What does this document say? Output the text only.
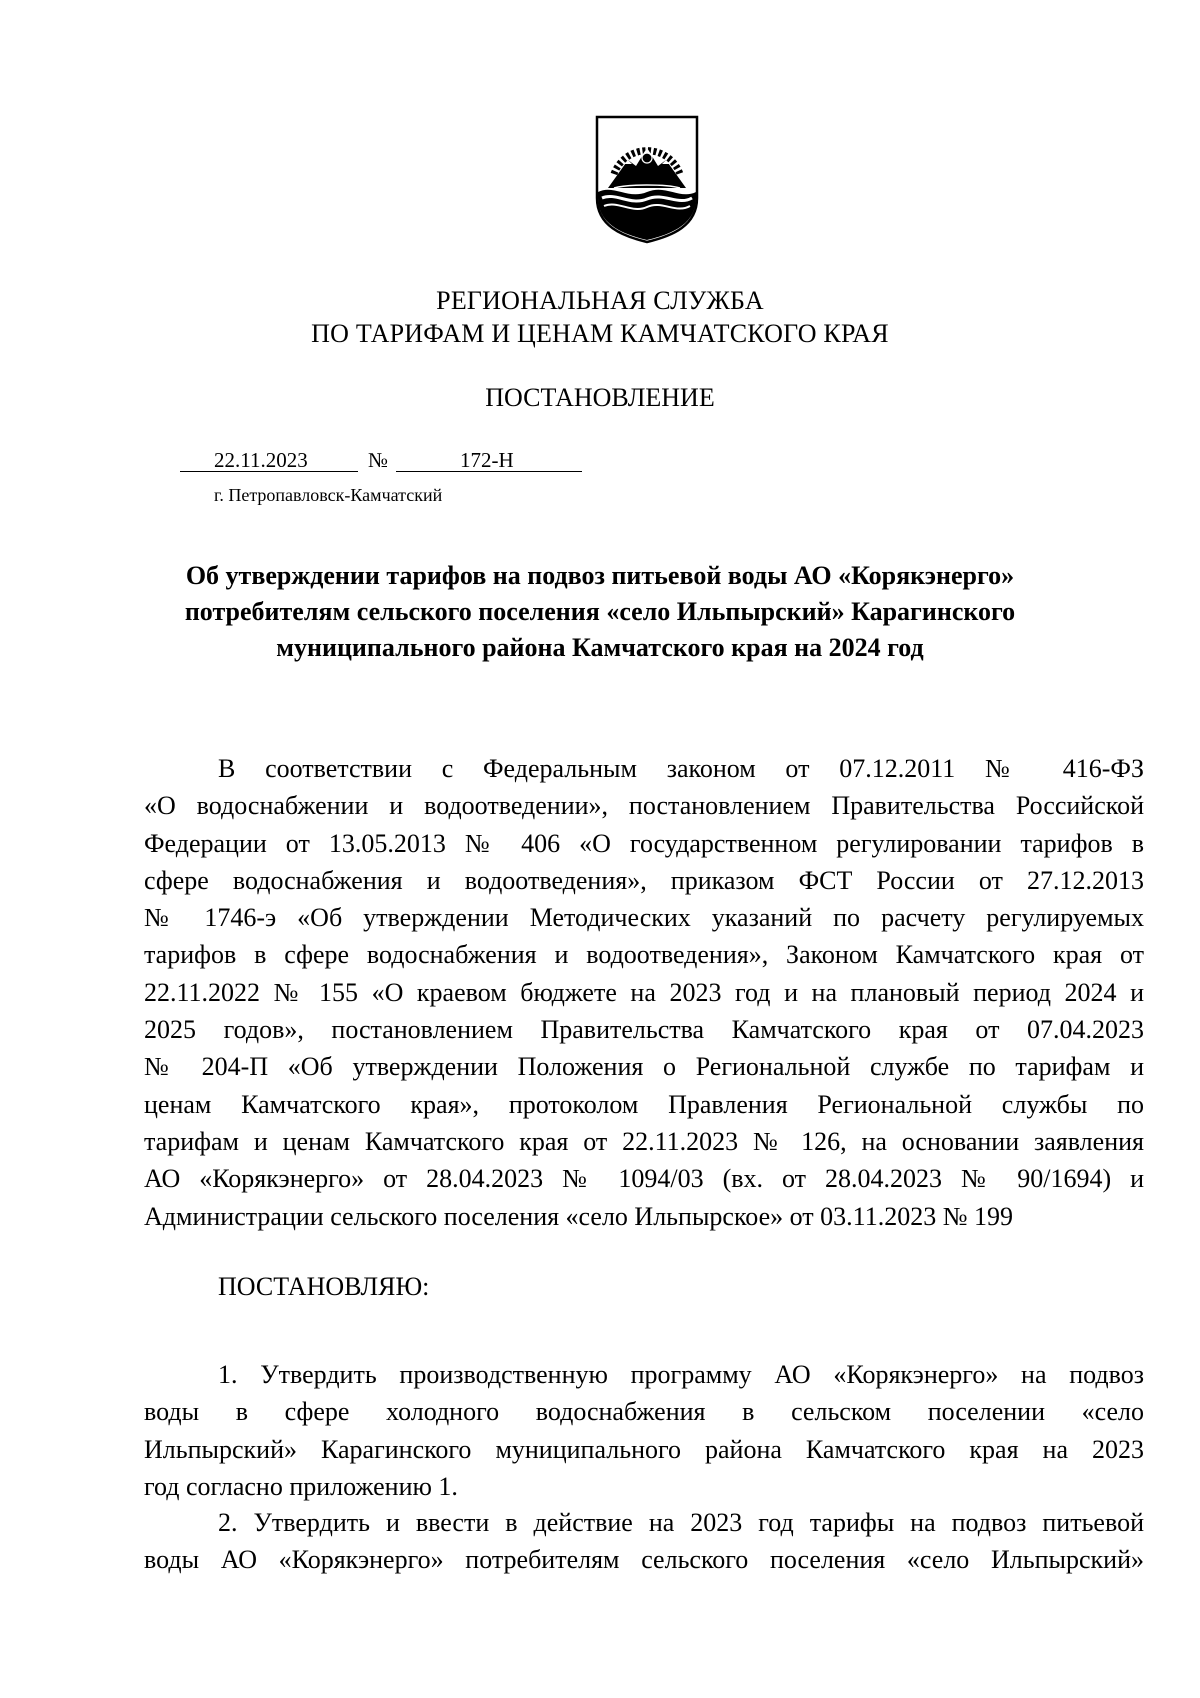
РЕГИОНАЛЬНАЯ СЛУЖБА
ПО ТАРИФАМ И ЦЕНАМ КАМЧАТСКОГО КРАЯ
ПОСТАНОВЛЕНИЕ
22.11.2023	№	172-Н
г. Петропавловск-Камчатский
Об утверждении тарифов на подвоз питьевой воды АО «Корякэнерго»
потребителям сельского поселения «село Ильпырский» Карагинского
муниципального района Камчатского края на 2024 год
В соответствии с Федеральным законом от 07.12.2011 № 416-ФЗ
«О водоснабжении и водоотведении», постановлением Правительства Российской
Федерации от 13.05.2013 № 406 «О государственном регулировании тарифов в
сфере водоснабжения и водоотведения», приказом ФСТ России от 27.12.2013
№ 1746-э «Об утверждении Методических указаний по расчету регулируемых
тарифов в сфере водоснабжения и водоотведения», Законом Камчатского края от
22.11.2022 № 155 «О краевом бюджете на 2023 год и на плановый период 2024 и
2025 годов», постановлением Правительства Камчатского края от 07.04.2023
№ 204-П «Об утверждении Положения о Региональной службе по тарифам и
ценам Камчатского края», протоколом Правления Региональной службы по
тарифам и ценам Камчатского края от 22.11.2023 № 126, на основании заявления
АО «Корякэнерго» от 28.04.2023 № 1094/03 (вх. от 28.04.2023 № 90/1694) и
Администрации сельского поселения «село Ильпырское» от 03.11.2023 № 199
ПОСТАНОВЛЯЮ:
1. Утвердить производственную программу АО «Корякэнерго» на подвоз
воды в сфере холодного водоснабжения в сельском поселении «село
Ильпырский» Карагинского муниципального района Камчатского края на 2023
год согласно приложению 1.
2. Утвердить и ввести в действие на 2023 год тарифы на подвоз питьевой
воды АО «Корякэнерго» потребителям сельского поселения «село Ильпырский»
